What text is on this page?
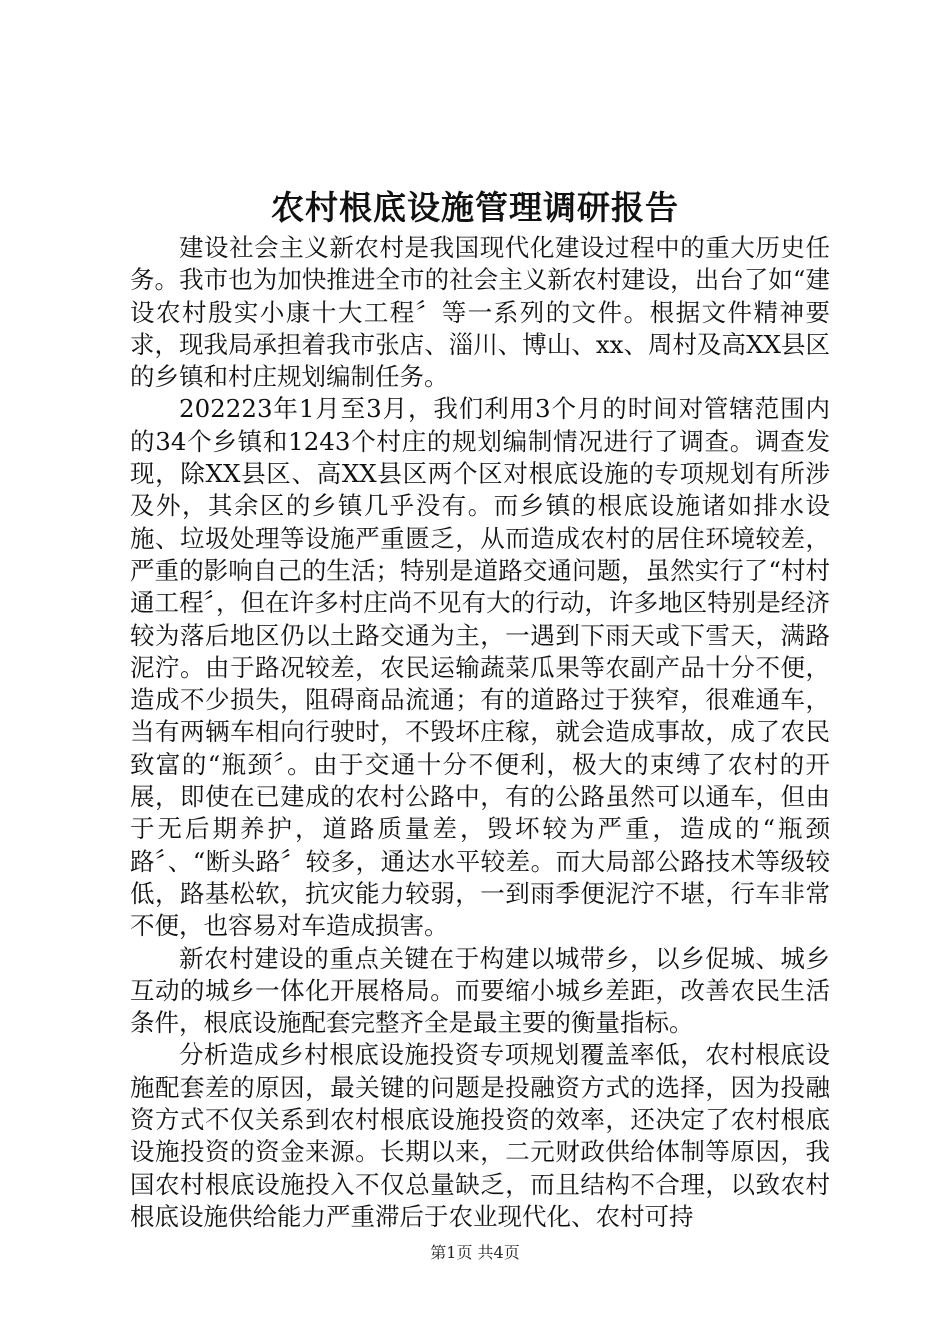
农村根底设施管理调研报告

建设社会主义新农村是我国现代化建设过程中的重大历史任务。我市也为加快推进全市的社会主义新农村建设，出台了如“建设农村殷实小康十大工程〞等一系列的文件。根据文件精神要求，现我局承担着我市张店、淄川、博山、xx、周村及高XX县区的乡镇和村庄规划编制任务。

202223年1月至3月，我们利用3个月的时间对管辖范围内的34个乡镇和1243个村庄的规划编制情况进行了调查。调查发现，除XX县区、高XX县区两个区对根底设施的专项规划有所涉及外，其余区的乡镇几乎没有。而乡镇的根底设施诸如排水设施、垃圾处理等设施严重匮乏，从而造成农村的居住环境较差，严重的影响自己的生活；特别是道路交通问题，虽然实行了“村村通工程〞，但在许多村庄尚不见有大的行动，许多地区特别是经济较为落后地区仍以土路交通为主，一遇到下雨天或下雪天，满路泥泞。由于路况较差，农民运输蔬菜瓜果等农副产品十分不便，造成不少损失，阻碍商品流通；有的道路过于狭窄，很难通车，当有两辆车相向行驶时，不毁坏庄稼，就会造成事故，成了农民致富的“瓶颈〞。由于交通十分不便利，极大的束缚了农村的开展，即使在已建成的农村公路中，有的公路虽然可以通车，但由于无后期养护，道路质量差，毁坏较为严重，造成的“瓶颈路〞、“断头路〞较多，通达水平较差。而大局部公路技术等级较低，路基松软，抗灾能力较弱，一到雨季便泥泞不堪，行车非常不便，也容易对车造成损害。

新农村建设的重点关键在于构建以城带乡，以乡促城、城乡互动的城乡一体化开展格局。而要缩小城乡差距，改善农民生活条件，根底设施配套完整齐全是最主要的衡量指标。

分析造成乡村根底设施投资专项规划覆盖率低，农村根底设施配套差的原因，最关键的问题是投融资方式的选择，因为投融资方式不仅关系到农村根底设施投资的效率，还决定了农村根底设施投资的资金来源。长期以来，二元财政供给体制等原因，我国农村根底设施投入不仅总量缺乏，而且结构不合理，以致农村根底设施供给能力严重滞后于农业现代化、农村可持

第1页 共4页
